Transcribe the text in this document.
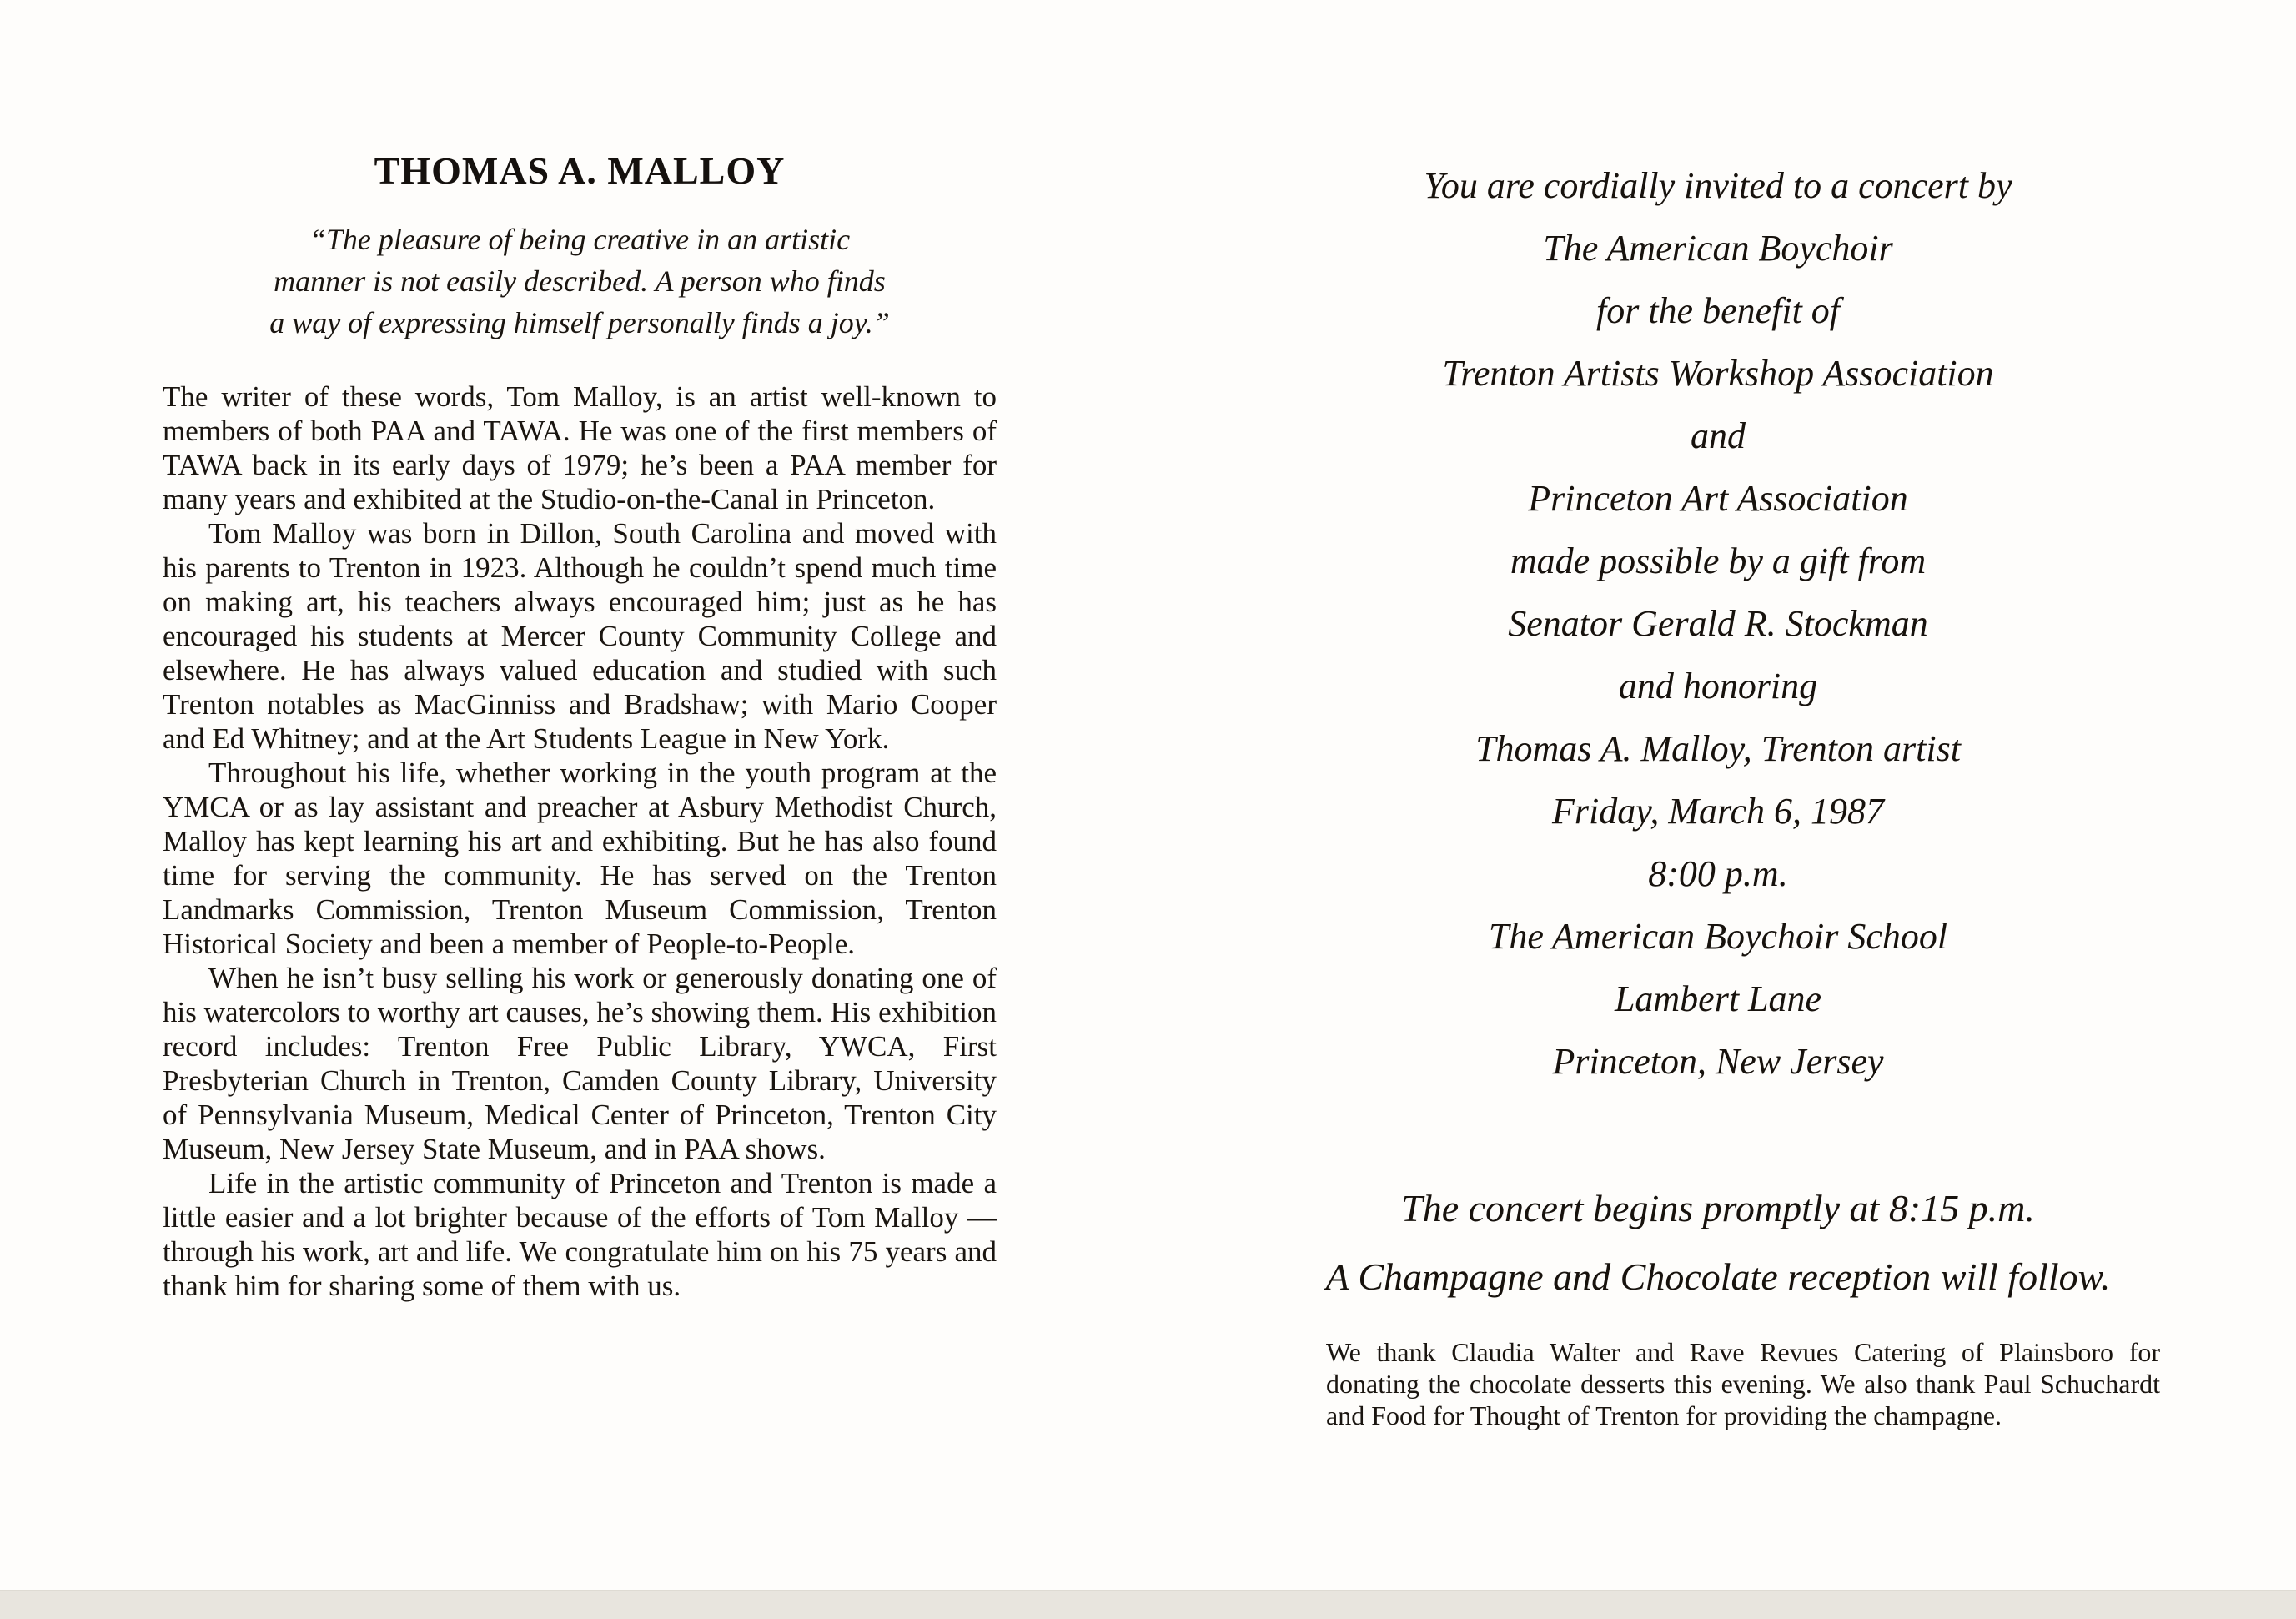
THOMAS A. MALLOY
“The pleasure of being creative in an artistic
manner is not easily described. A person who finds
a way of expressing himself personally finds a joy.”
The writer of these words, Tom Malloy, is an artist well-known to members of both PAA and TAWA. He was one of the first members of TAWA back in its early days of 1979; he’s been a PAA member for many years and exhibited at the Studio-on-the-Canal in Princeton.
Tom Malloy was born in Dillon, South Carolina and moved with his parents to Trenton in 1923. Although he couldn’t spend much time on making art, his teachers always encouraged him; just as he has encouraged his students at Mercer County Community College and elsewhere. He has always valued education and studied with such Trenton notables as MacGinniss and Bradshaw; with Mario Cooper and Ed Whitney; and at the Art Students League in New York.
Throughout his life, whether working in the youth program at the YMCA or as lay assistant and preacher at Asbury Methodist Church, Malloy has kept learning his art and exhibiting. But he has also found time for serving the community. He has served on the Trenton Landmarks Commission, Trenton Museum Commission, Trenton Historical Society and been a member of People-to-People.
When he isn’t busy selling his work or generously donating one of his watercolors to worthy art causes, he’s showing them. His exhibition record includes: Trenton Free Public Library, YWCA, First Presbyterian Church in Trenton, Camden County Library, University of Pennsylvania Museum, Medical Center of Princeton, Trenton City Museum, New Jersey State Museum, and in PAA shows.
Life in the artistic community of Princeton and Trenton is made a little easier and a lot brighter because of the efforts of Tom Malloy — through his work, art and life. We congratulate him on his 75 years and thank him for sharing some of them with us.
You are cordially invited to a concert by
The American Boychoir
for the benefit of
Trenton Artists Workshop Association
and
Princeton Art Association
made possible by a gift from
Senator Gerald R. Stockman
and honoring
Thomas A. Malloy, Trenton artist
Friday, March 6, 1987
8:00 p.m.
The American Boychoir School
Lambert Lane
Princeton, New Jersey
The concert begins promptly at 8:15 p.m.
A Champagne and Chocolate reception will follow.

We thank Claudia Walter and Rave Revues Catering of Plainsboro for donating the chocolate desserts this evening. We also thank Paul Schuchardt and Food for Thought of Trenton for providing the champagne.
